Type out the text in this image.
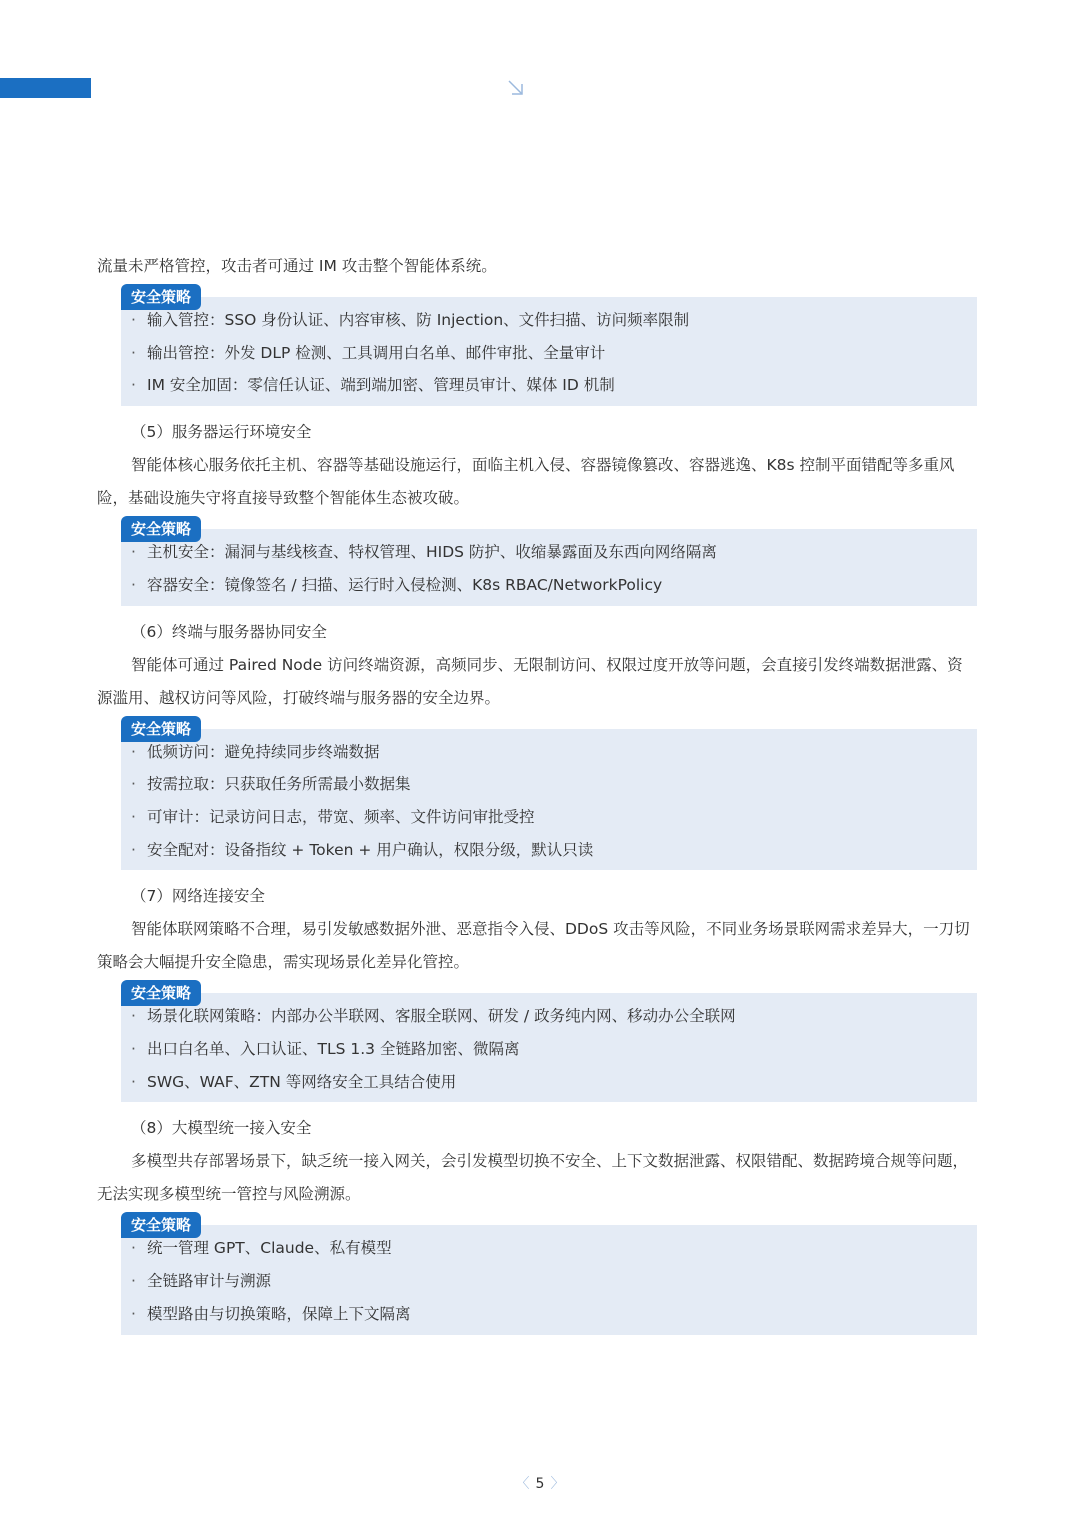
流量未严格管控，攻击者可通过 IM 攻击整个智能体系统。

安全策略
· 输入管控：SSO 身份认证、内容审核、防 Injection、文件扫描、访问频率限制
· 输出管控：外发 DLP 检测、工具调用白名单、邮件审批、全量审计
· IM 安全加固：零信任认证、端到端加密、管理员审计、媒体 ID 机制

（5）服务器运行环境安全

智能体核心服务依托主机、容器等基础设施运行，面临主机入侵、容器镜像篡改、容器逃逸、K8s 控制平面错配等多重风险，基础设施失守将直接导致整个智能体生态被攻破。

安全策略
· 主机安全：漏洞与基线核查、特权管理、HIDS 防护、收缩暴露面及东西向网络隔离
· 容器安全：镜像签名 / 扫描、运行时入侵检测、K8s RBAC/NetworkPolicy

（6）终端与服务器协同安全

智能体可通过 Paired Node 访问终端资源，高频同步、无限制访问、权限过度开放等问题，会直接引发终端数据泄露、资源滥用、越权访问等风险，打破终端与服务器的安全边界。

安全策略
· 低频访问：避免持续同步终端数据
· 按需拉取：只获取任务所需最小数据集
· 可审计：记录访问日志，带宽、频率、文件访问审批受控
· 安全配对：设备指纹 + Token + 用户确认，权限分级，默认只读

（7）网络连接安全

智能体联网策略不合理，易引发敏感数据外泄、恶意指令入侵、DDoS 攻击等风险，不同业务场景联网需求差异大，一刀切策略会大幅提升安全隐患，需实现场景化差异化管控。

安全策略
· 场景化联网策略：内部办公半联网、客服全联网、研发 / 政务纯内网、移动办公全联网
· 出口白名单、入口认证、TLS 1.3 全链路加密、微隔离
· SWG、WAF、ZTN 等网络安全工具结合使用

（8）大模型统一接入安全

多模型共存部署场景下，缺乏统一接入网关，会引发模型切换不安全、上下文数据泄露、权限错配、数据跨境合规等问题，无法实现多模型统一管控与风险溯源。

安全策略
· 统一管理 GPT、Claude、私有模型
· 全链路审计与溯源
· 模型路由与切换策略，保障上下文隔离
〈 5 〉
